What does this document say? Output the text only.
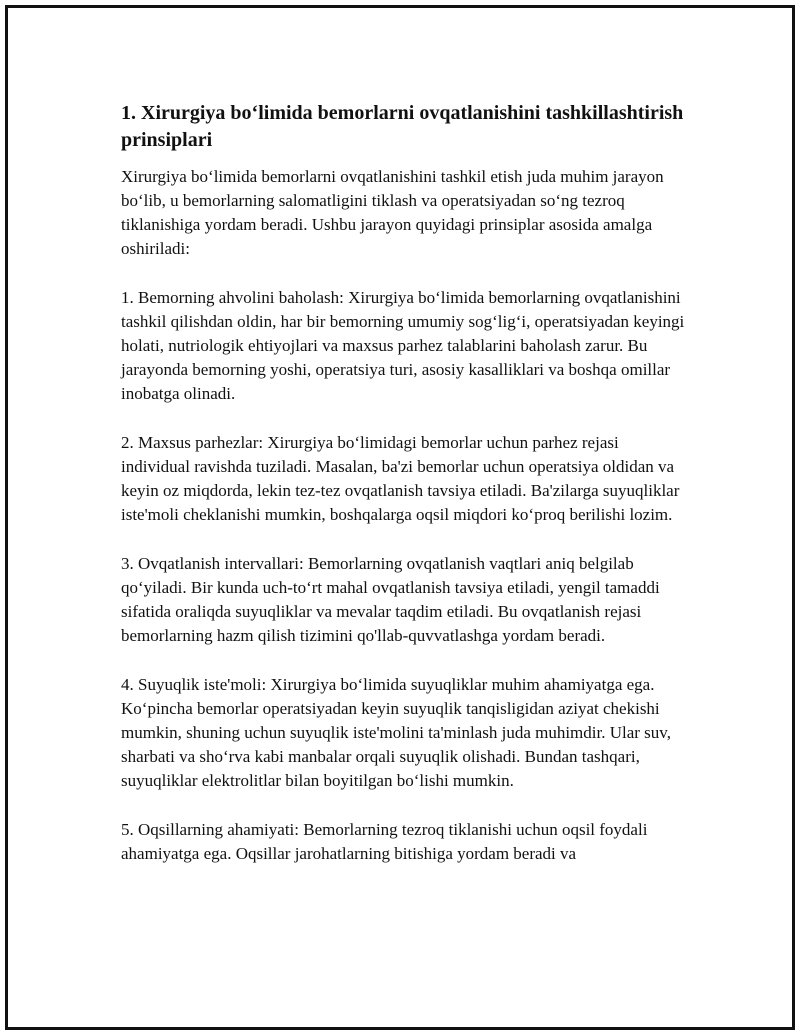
1. Xirurgiya bo‘limida bemorlarni ovqatlanishini tashkillashtirish prinsiplari

Xirurgiya bo‘limida bemorlarni ovqatlanishini tashkil etish juda muhim jarayon bo‘lib, u bemorlarning salomatligini tiklash va operatsiyadan so‘ng tezroq tiklanishiga yordam beradi. Ushbu jarayon quyidagi prinsiplar asosida amalga oshiriladi:

1. Bemorning ahvolini baholash: Xirurgiya bo‘limida bemorlarning ovqatlanishini tashkil qilishdan oldin, har bir bemorning umumiy sog‘lig‘i, operatsiyadan keyingi holati, nutriologik ehtiyojlari va maxsus parhez talablarini baholash zarur. Bu jarayonda bemorning yoshi, operatsiya turi, asosiy kasalliklari va boshqa omillar inobatga olinadi.

2. Maxsus parhezlar: Xirurgiya bo‘limidagi bemorlar uchun parhez rejasi individual ravishda tuziladi. Masalan, ba'zi bemorlar uchun operatsiya oldidan va keyin oz miqdorda, lekin tez-tez ovqatlanish tavsiya etiladi. Ba'zilarga suyuqliklar iste'moli cheklanishi mumkin, boshqalarga oqsil miqdori ko‘proq berilishi lozim.

3. Ovqatlanish intervallari: Bemorlarning ovqatlanish vaqtlari aniq belgilab qo‘yiladi. Bir kunda uch-to‘rt mahal ovqatlanish tavsiya etiladi, yengil tamaddi sifatida oraliqda suyuqliklar va mevalar taqdim etiladi. Bu ovqatlanish rejasi bemorlarning hazm qilish tizimini qo'llab-quvvatlashga yordam beradi.

4. Suyuqlik iste'moli: Xirurgiya bo‘limida suyuqliklar muhim ahamiyatga ega. Ko‘pincha bemorlar operatsiyadan keyin suyuqlik tanqisligidan aziyat chekishi mumkin, shuning uchun suyuqlik iste'molini ta'minlash juda muhimdir. Ular suv, sharbati va sho‘rva kabi manbalar orqali suyuqlik olishadi. Bundan tashqari, suyuqliklar elektrolitlar bilan boyitilgan bo‘lishi mumkin.

5. Oqsillarning ahamiyati: Bemorlarning tezroq tiklanishi uchun oqsil foydali ahamiyatga ega. Oqsillar jarohatlarning bitishiga yordam beradi va
